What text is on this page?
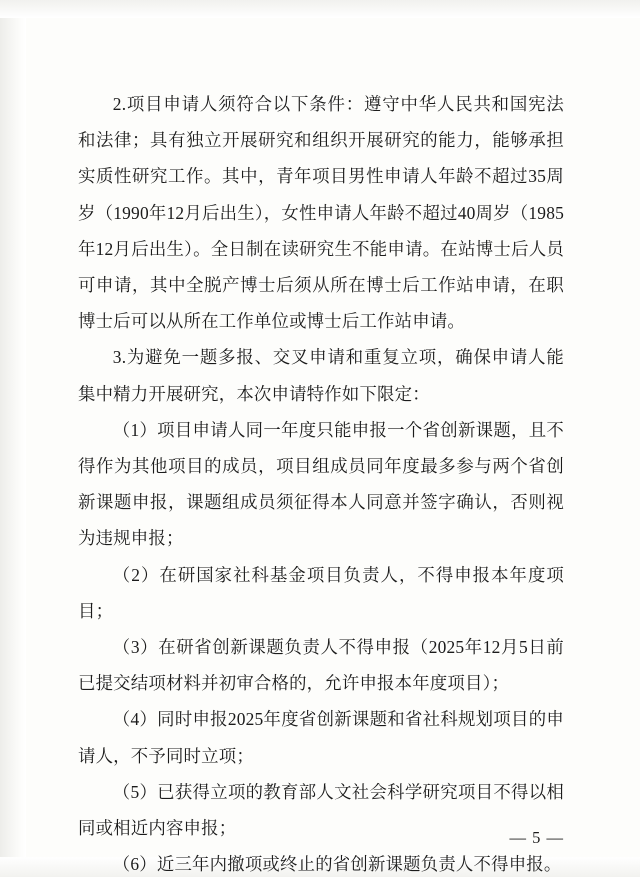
2.项目申请人须符合以下条件：遵守中华人民共和国宪法和法律；具有独立开展研究和组织开展研究的能力，能够承担实质性研究工作。其中，青年项目男性申请人年龄不超过35周岁（1990年12月后出生），女性申请人年龄不超过40周岁（1985年12月后出生）。全日制在读研究生不能申请。在站博士后人员可申请，其中全脱产博士后须从所在博士后工作站申请，在职博士后可以从所在工作单位或博士后工作站申请。

3.为避免一题多报、交叉申请和重复立项，确保申请人能集中精力开展研究，本次申请特作如下限定：

（1）项目申请人同一年度只能申报一个省创新课题，且不得作为其他项目的成员，项目组成员同年度最多参与两个省创新课题申报，课题组成员须征得本人同意并签字确认，否则视为违规申报；

（2）在研国家社科基金项目负责人，不得申报本年度项目；

（3）在研省创新课题负责人不得申报（2025年12月5日前已提交结项材料并初审合格的，允许申报本年度项目）；

（4）同时申报2025年度省创新课题和省社科规划项目的申请人，不予同时立项；

（5）已获得立项的教育部人文社会科学研究项目不得以相同或相近内容申报；

（6）近三年内撤项或终止的省创新课题负责人不得申报。

— 5 —
